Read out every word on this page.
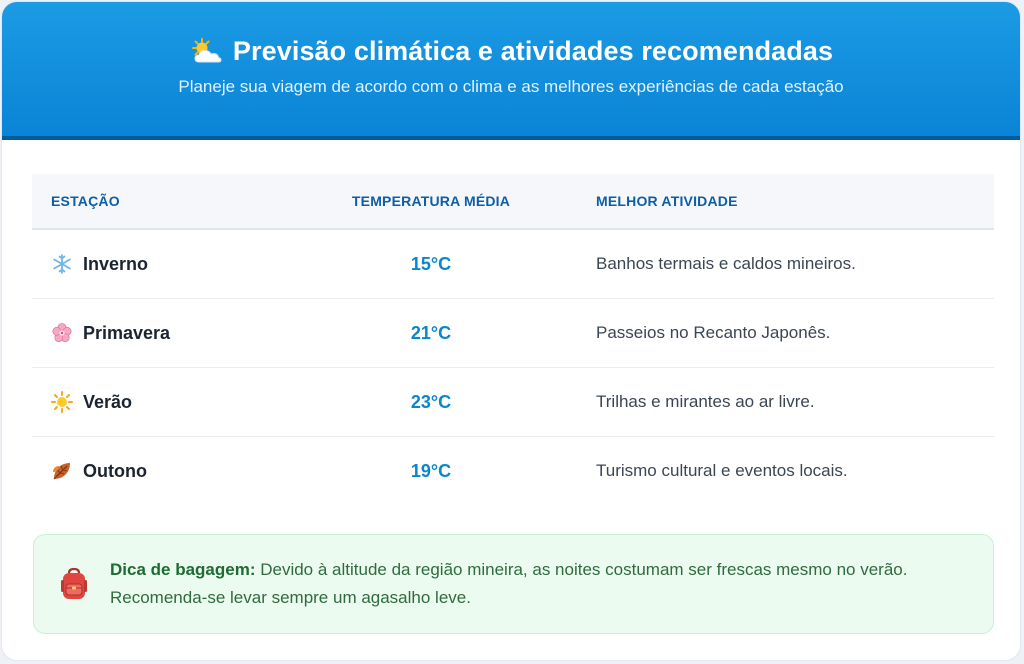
Previsão climática e atividades recomendadas
Planeje sua viagem de acordo com o clima e as melhores experiências de cada estação
ESTAÇÃO	TEMPERATURA MÉDIA	MELHOR ATIVIDADE

Inverno	15°C	Banhos termais e caldos mineiros.

Primavera	21°C	Passeios no Recanto Japonês.

Verão	23°C	Trilhas e mirantes ao ar livre.

Outono	19°C	Turismo cultural e eventos locais.
Dica de bagagem: Devido à altitude da região mineira, as noites costumam ser frescas mesmo no verão. Recomenda-se levar sempre um agasalho leve.
